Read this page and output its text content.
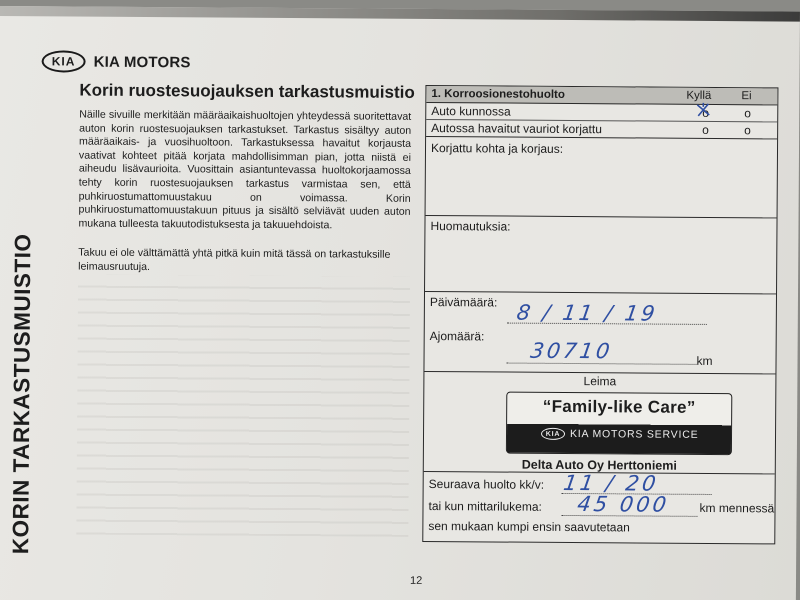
KIA	KIA MOTORS
Korin ruostesuojauksen tarkastusmuistio
Näille sivuille merkitään määräaikaishuoltojen yhteydessä suoritettavat auton korin ruostesuojauksen tarkastukset. Tarkastus sisältyy auton määräaikais- ja vuosihuoltoon. Tarkastuksessa havaitut korjausta vaativat kohteet pitää korjata mahdollisimman pian, jotta niistä ei aiheudu lisävaurioita. Vuosittain asiantuntevassa huoltokorjaamossa tehty korin ruostesuojauksen tarkastus varmistaa sen, että puhkiruostumattomuustakuu on voimassa. Korin puhkiruostumattomuustakuun pituus ja sisältö selviävät uuden auton mukana tulleesta takuutodistuksesta ja takuuehdoista.
Takuu ei ole välttämättä yhtä pitkä kuin mitä tässä on tarkastuksille leimausruutuja.
KORIN TARKASTUSMUISTIO
12
1. Korroosionestohuolto	Kyllä	Ei
Auto kunnossa	o	o
Autossa havaitut vauriot korjattu	o	o
Korjattu kohta ja korjaus:
Huomautuksia:
Päivämäärä: 8 / 11 / 19
Ajomäärä:
30710	km
Leima
“Family-like Care”
KIA KIA MOTORS SERVICE
Delta Auto Oy Herttoniemi
Seuraava huolto kk/v: 11 / 20
tai kun mittarilukema: 45 000 km mennessä
sen mukaan kumpi ensin saavutetaan
